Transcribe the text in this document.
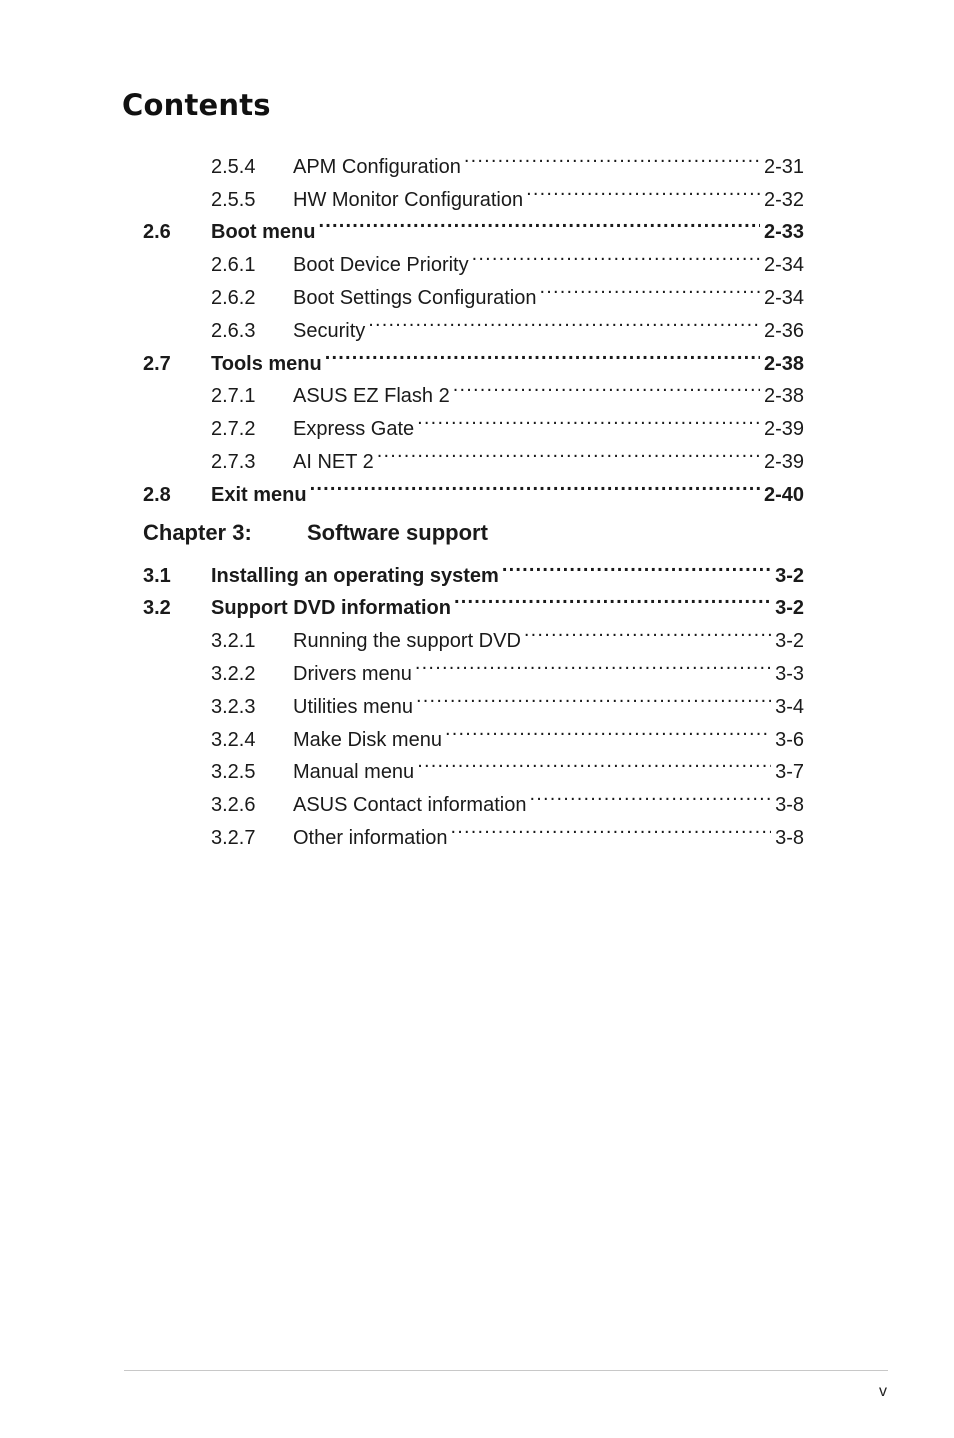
Contents
2.5.4	APM Configuration .....	2-31
2.5.5	HW Monitor Configuration .....	2-32
2.6	Boot menu .....	2-33
2.6.1	Boot Device Priority .....	2-34
2.6.2	Boot Settings Configuration .....	2-34
2.6.3	Security .....	2-36
2.7	Tools menu .....	2-38
2.7.1	ASUS EZ Flash 2 .....	2-38
2.7.2	Express Gate .....	2-39
2.7.3	AI NET 2 .....	2-39
2.8	Exit menu .....	2-40
Chapter 3:	Software support
3.1	Installing an operating system .....	3-2
3.2	Support DVD information .....	3-2
3.2.1	Running the support DVD .....	3-2
3.2.2	Drivers menu .....	3-3
3.2.3	Utilities menu .....	3-4
3.2.4	Make Disk menu .....	3-6
3.2.5	Manual menu .....	3-7
3.2.6	ASUS Contact information .....	3-8
3.2.7	Other information .....	3-8
v
